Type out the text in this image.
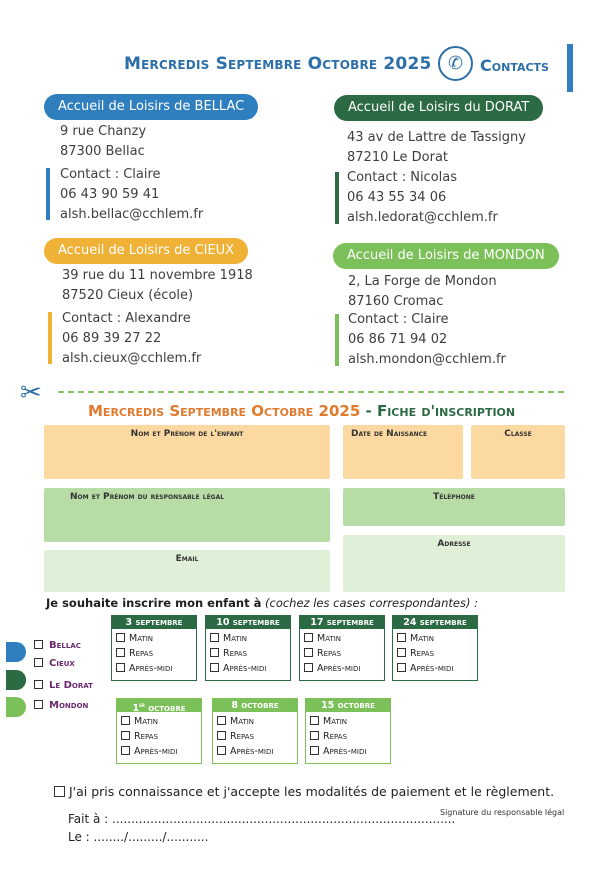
Mercredis Septembre Octobre 2025 ✆	Contacts
Accueil de Loisirs de BELLAC
9 rue Chanzy
87300 Bellac
Contact : Claire
06 43 90 59 41
alsh.bellac@cchlem.fr
Accueil de Loisirs du DORAT
43 av de Lattre de Tassigny
87210 Le Dorat
Contact : Nicolas
06 43 55 34 06
alsh.ledorat@cchlem.fr
Accueil de Loisirs de CIEUX
39 rue du 11 novembre 1918
87520 Cieux (école)
Contact : Alexandre
06 89 39 27 22
alsh.cieux@cchlem.fr
Accueil de Loisirs de MONDON
2, La Forge de Mondon
87160 Cromac
Contact : Claire
06 86 71 94 02
alsh.mondon@cchlem.fr
✂
Mercredis Septembre Octobre 2025 - Fiche d'inscription
Nom et Prénom de l'enfant	Date de Naissance	Classe
Nom et Prénom du responsable légal	Téléphone
Email
Adresse
Je souhaite inscrire mon enfant à (cochez les cases correspondantes) :
Bellac
Cieux
Le Dorat
Mondon
3 septembre
Matin
Repas
Après-midi
10 septembre
Matin
Repas
Après-midi
17 septembre
Matin
Repas
Après-midi
24 septembre
Matin
Repas
Après-midi
1er octobre
Matin
Repas
Après-midi
8 octobre
Matin
Repas
Après-midi
15 octobre
Matin
Repas
Après-midi
J'ai pris connaissance et j'accepte les modalités de paiement et le règlement.
Signature du responsable légal
Fait à : ..........................................................................................
Le : ......../........./...........
